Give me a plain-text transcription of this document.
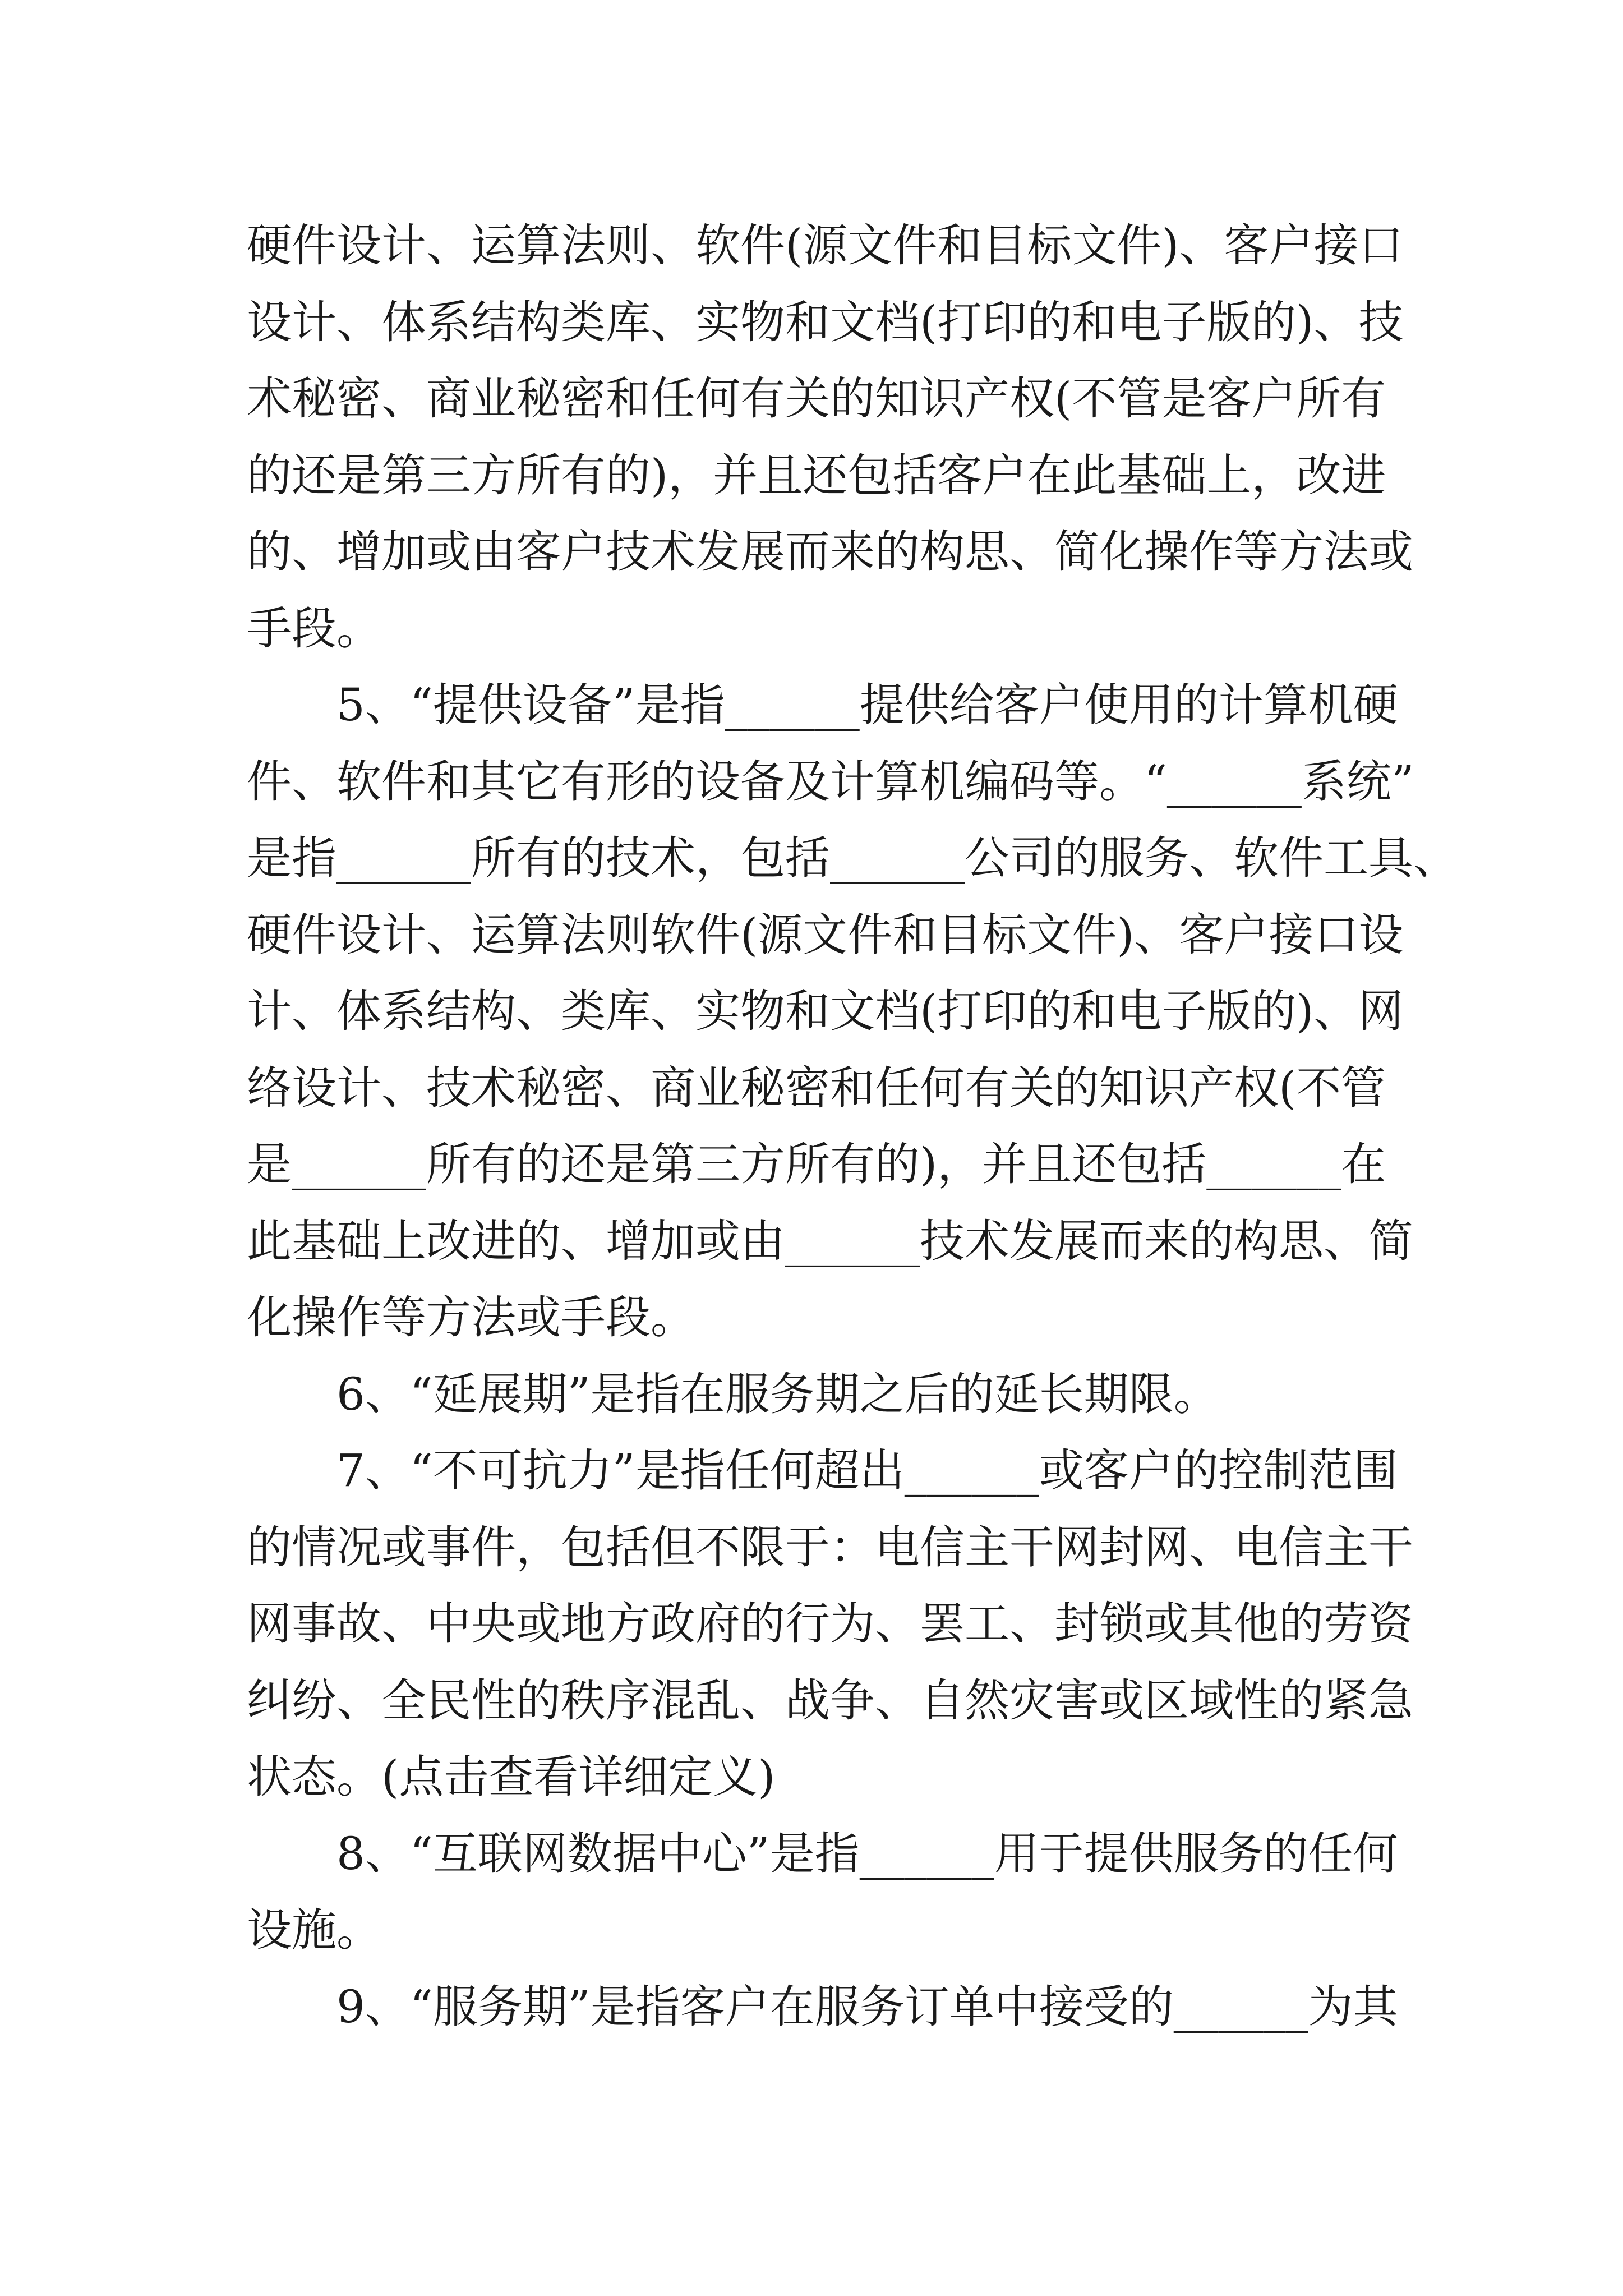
硬件设计、运算法则、软件(源文件和目标文件)、客户接口
设计、体系结构类库、实物和文档(打印的和电子版的)、技
术秘密、商业秘密和任何有关的知识产权(不管是客户所有
的还是第三方所有的)，并且还包括客户在此基础上，改进
的、增加或由客户技术发展而来的构思、简化操作等方法或
手段。
5、“提供设备”是指______提供给客户使用的计算机硬
件、软件和其它有形的设备及计算机编码等。“______系统”
是指______所有的技术，包括______公司的服务、软件工具、
硬件设计、运算法则软件(源文件和目标文件)、客户接口设
计、体系结构、类库、实物和文档(打印的和电子版的)、网
络设计、技术秘密、商业秘密和任何有关的知识产权(不管
是______所有的还是第三方所有的)，并且还包括______在
此基础上改进的、增加或由______技术发展而来的构思、简
化操作等方法或手段。
6、“延展期”是指在服务期之后的延长期限。
7、“不可抗力”是指任何超出______或客户的控制范围
的情况或事件，包括但不限于：电信主干网封网、电信主干
网事故、中央或地方政府的行为、罢工、封锁或其他的劳资
纠纷、全民性的秩序混乱、战争、自然灾害或区域性的紧急
状态。(点击查看详细定义)
8、“互联网数据中心”是指______用于提供服务的任何
设施。
9、“服务期”是指客户在服务订单中接受的______为其
